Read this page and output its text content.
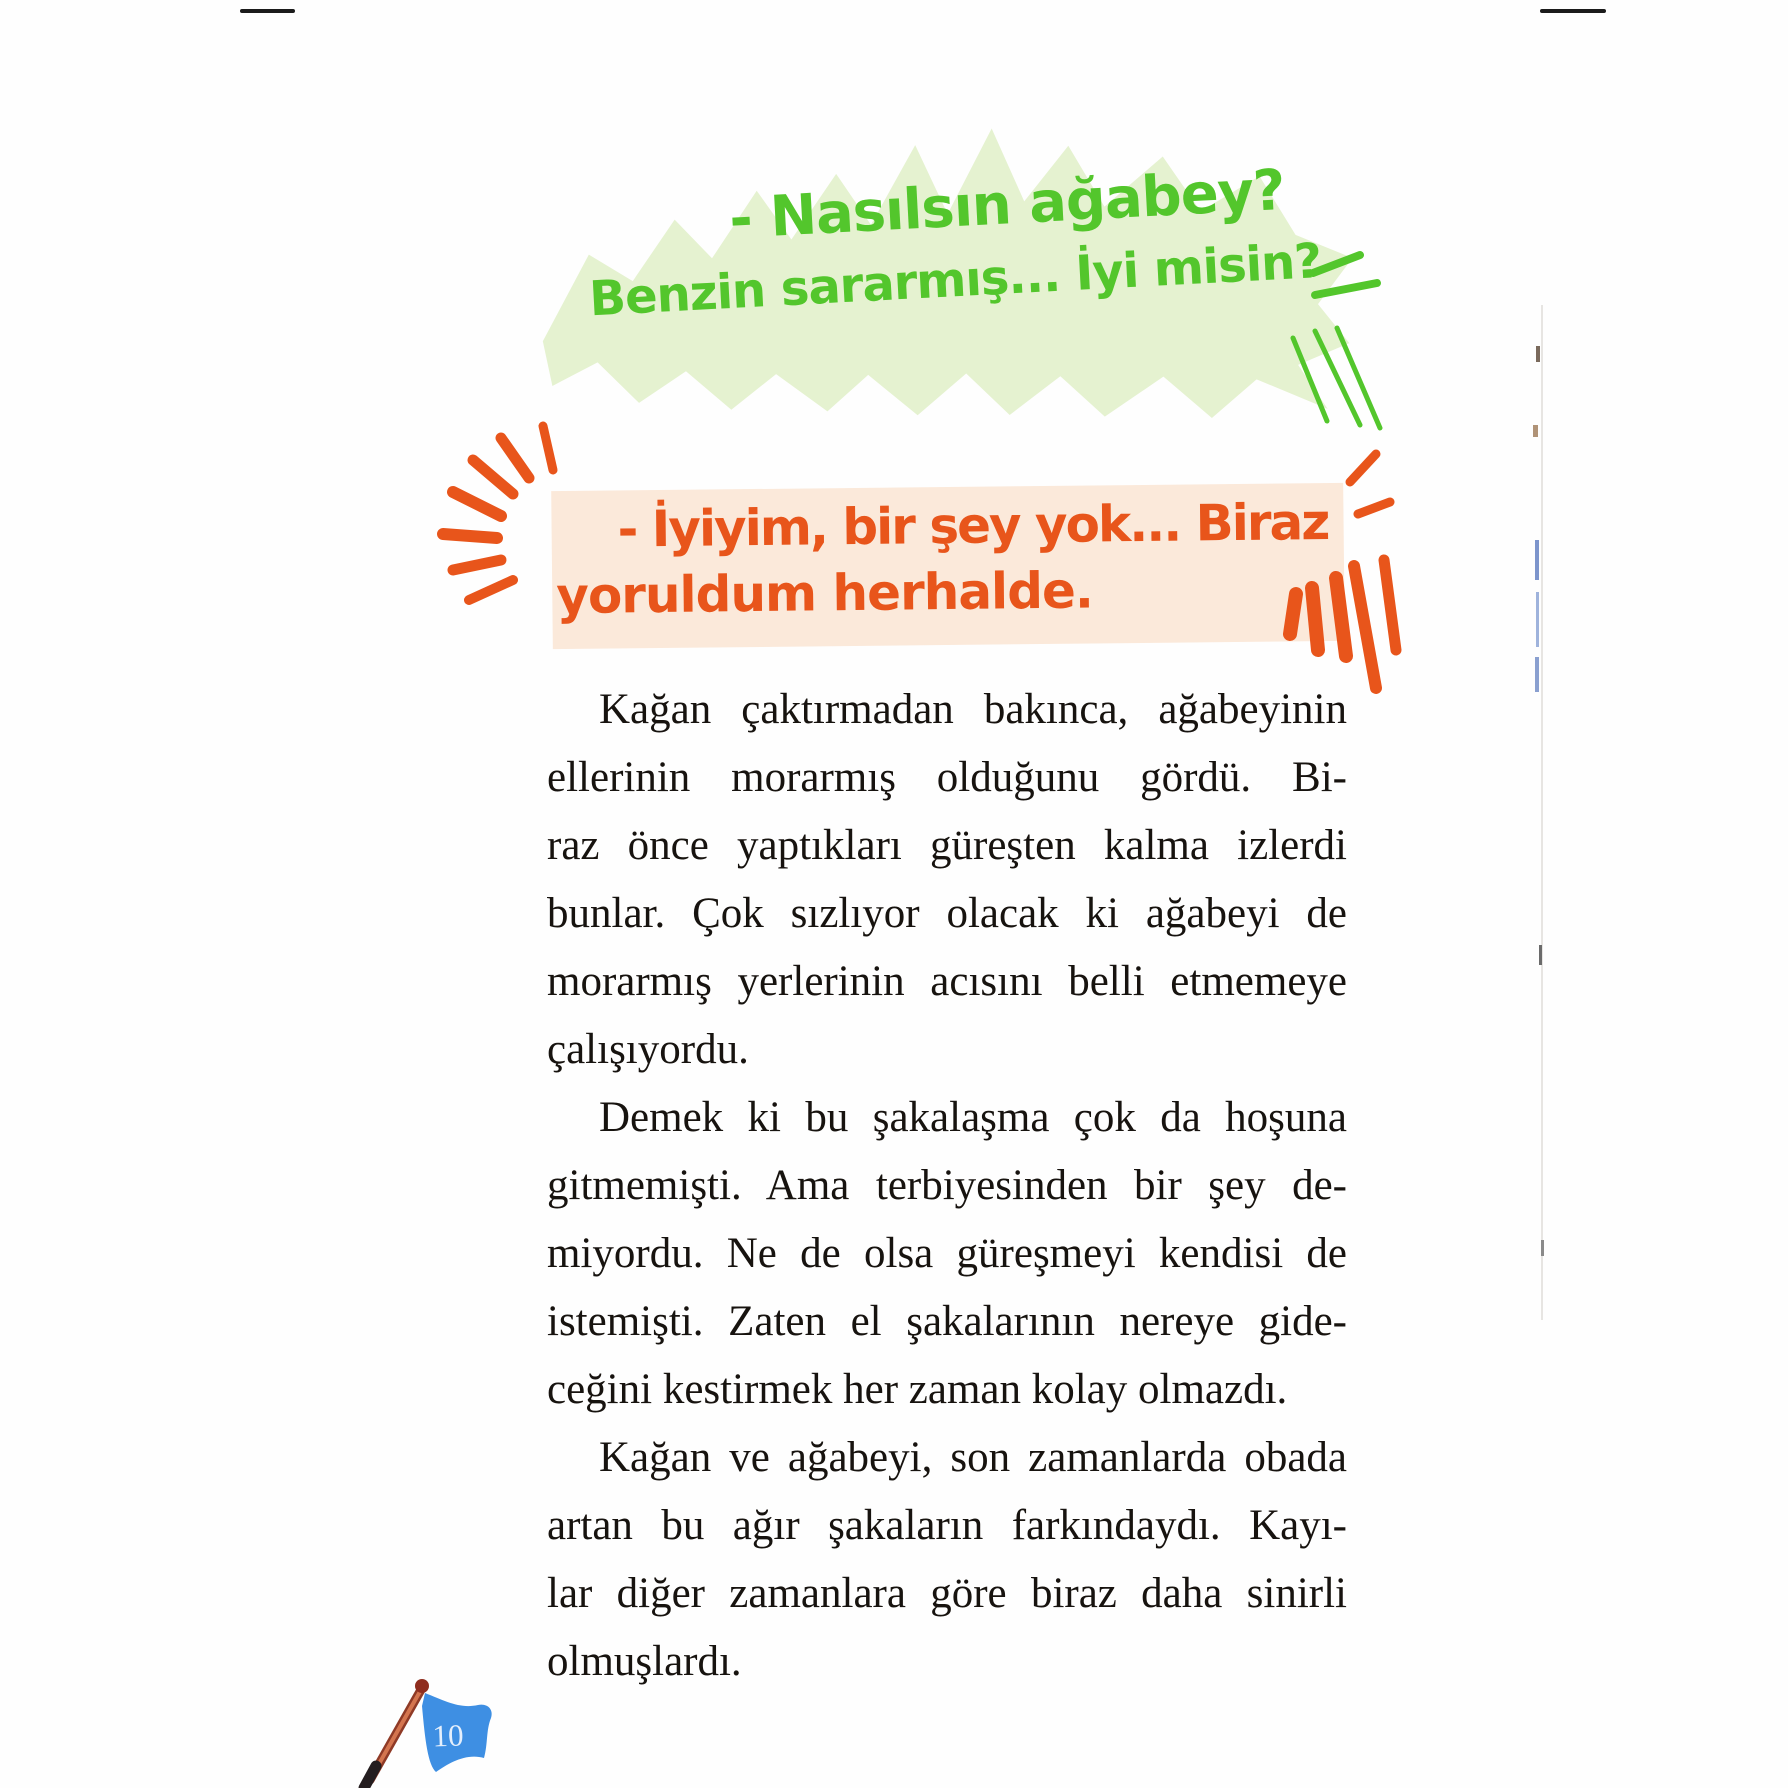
- Nasılsın ağabey?
Benzin sararmış... İyi misin?
- İyiyim, bir şey yok... Biraz
yoruldum herhalde.
Kağan çaktırmadan bakınca, ağabeyinin
ellerinin morarmış olduğunu gördü. Bi-
raz önce yaptıkları güreşten kalma izlerdi
bunlar. Çok sızlıyor olacak ki ağabeyi de
morarmış yerlerinin acısını belli etmemeye
çalışıyordu.
Demek ki bu şakalaşma çok da hoşuna
gitmemişti. Ama terbiyesinden bir şey de-
miyordu. Ne de olsa güreşmeyi kendisi de
istemişti. Zaten el şakalarının nereye gide-
ceğini kestirmek her zaman kolay olmazdı.
Kağan ve ağabeyi, son zamanlarda obada
artan bu ağır şakaların farkındaydı. Kayı-
lar diğer zamanlara göre biraz daha sinirli
olmuşlardı.
10
